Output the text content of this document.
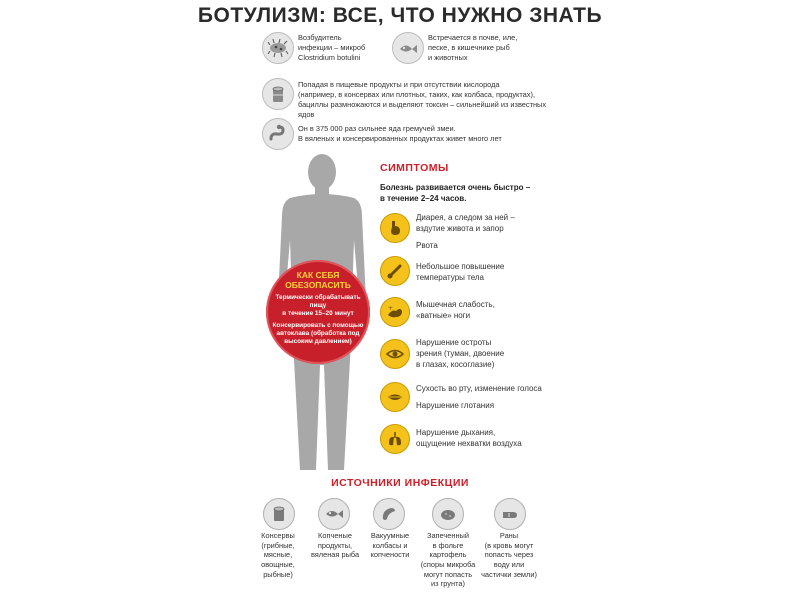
БОТУЛИЗМ: ВСЕ, ЧТО НУЖНО ЗНАТЬ
Возбудитель
инфекции – микроб
Clostridium botulini
Встречается в почве, иле,
песке, в кишечнике рыб
и животных
Попадая в пищевые продукты и при отсутствии кислорода
(например, в консервах или плотных, таких, как колбаса, продуктах),
бациллы размножаются и выделяют токсин – сильнейший из известных ядов
Он в 375 000 раз сильнее яда гремучей змеи.
В вяленых и консервированных продуктах живет много лет
КАК СЕБЯ
ОБЕЗОПАСИТЬ
Термически обрабатывать пищу
в течение 15–20 минут
Консервировать с помощью
автоклава (обработка под
высоким давлением)
СИМПТОМЫ
Болезнь развивается очень быстро –
в течение 2–24 часов.
Диарея, а следом за ней –
вздутие живота и запор
Рвота
Небольшое повышение
температуры тела
+	Мышечная слабость,
«ватные» ноги
Нарушение остроты
зрения (туман, двоение
в глазах, косоглазие)
Сухость во рту, изменение голоса
Нарушение глотания
Нарушение дыхания,
ощущение нехватки воздуха
ИСТОЧНИКИ ИНФЕКЦИИ
Консервы
(грибные,
мясные,
овощные,
рыбные)
Копченые
продукты,
вяленая рыба
Вакуумные
колбасы и
копчености
Запеченный
в фольге
картофель
(споры микроба
могут попасть
из грунта)
Раны
(в кровь могут
попасть через
воду или
частички земли)
